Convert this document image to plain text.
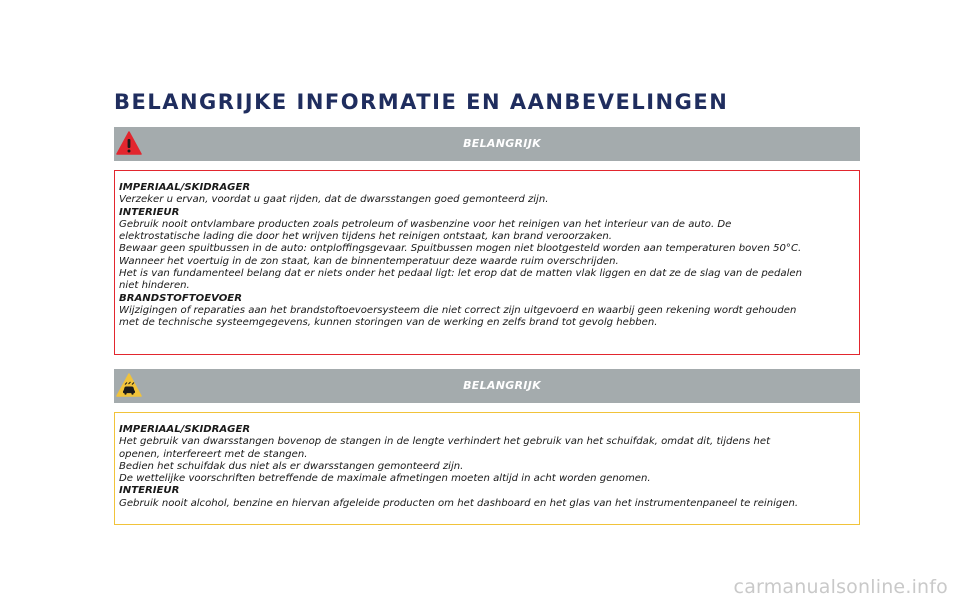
BELANGRIJKE INFORMATIE EN AANBEVELINGEN
BELANGRIJK
IMPERIAAL/SKIDRAGER
Verzeker u ervan, voordat u gaat rijden, dat de dwarsstangen goed gemonteerd zijn.
INTERIEUR
Gebruik nooit ontvlambare producten zoals petroleum of wasbenzine voor het reinigen van het interieur van de auto. De
elektrostatische lading die door het wrijven tijdens het reinigen ontstaat, kan brand veroorzaken.
Bewaar geen spuitbussen in de auto: ontploffingsgevaar. Spuitbussen mogen niet blootgesteld worden aan temperaturen boven 50°C.
Wanneer het voertuig in de zon staat, kan de binnentemperatuur deze waarde ruim overschrijden.
Het is van fundamenteel belang dat er niets onder het pedaal ligt: let erop dat de matten vlak liggen en dat ze de slag van de pedalen
niet hinderen.
BRANDSTOFTOEVOER
Wijzigingen of reparaties aan het brandstoftoevoersysteem die niet correct zijn uitgevoerd en waarbij geen rekening wordt gehouden
met de technische systeemgegevens, kunnen storingen van de werking en zelfs brand tot gevolg hebben.
BELANGRIJK
IMPERIAAL/SKIDRAGER
Het gebruik van dwarsstangen bovenop de stangen in de lengte verhindert het gebruik van het schuifdak, omdat dit, tijdens het
openen, interfereert met de stangen.
Bedien het schuifdak dus niet als er dwarsstangen gemonteerd zijn.
De wettelijke voorschriften betreffende de maximale afmetingen moeten altijd in acht worden genomen.
INTERIEUR
Gebruik nooit alcohol, benzine en hiervan afgeleide producten om het dashboard en het glas van het instrumentenpaneel te reinigen.
carmanualsonline.info
